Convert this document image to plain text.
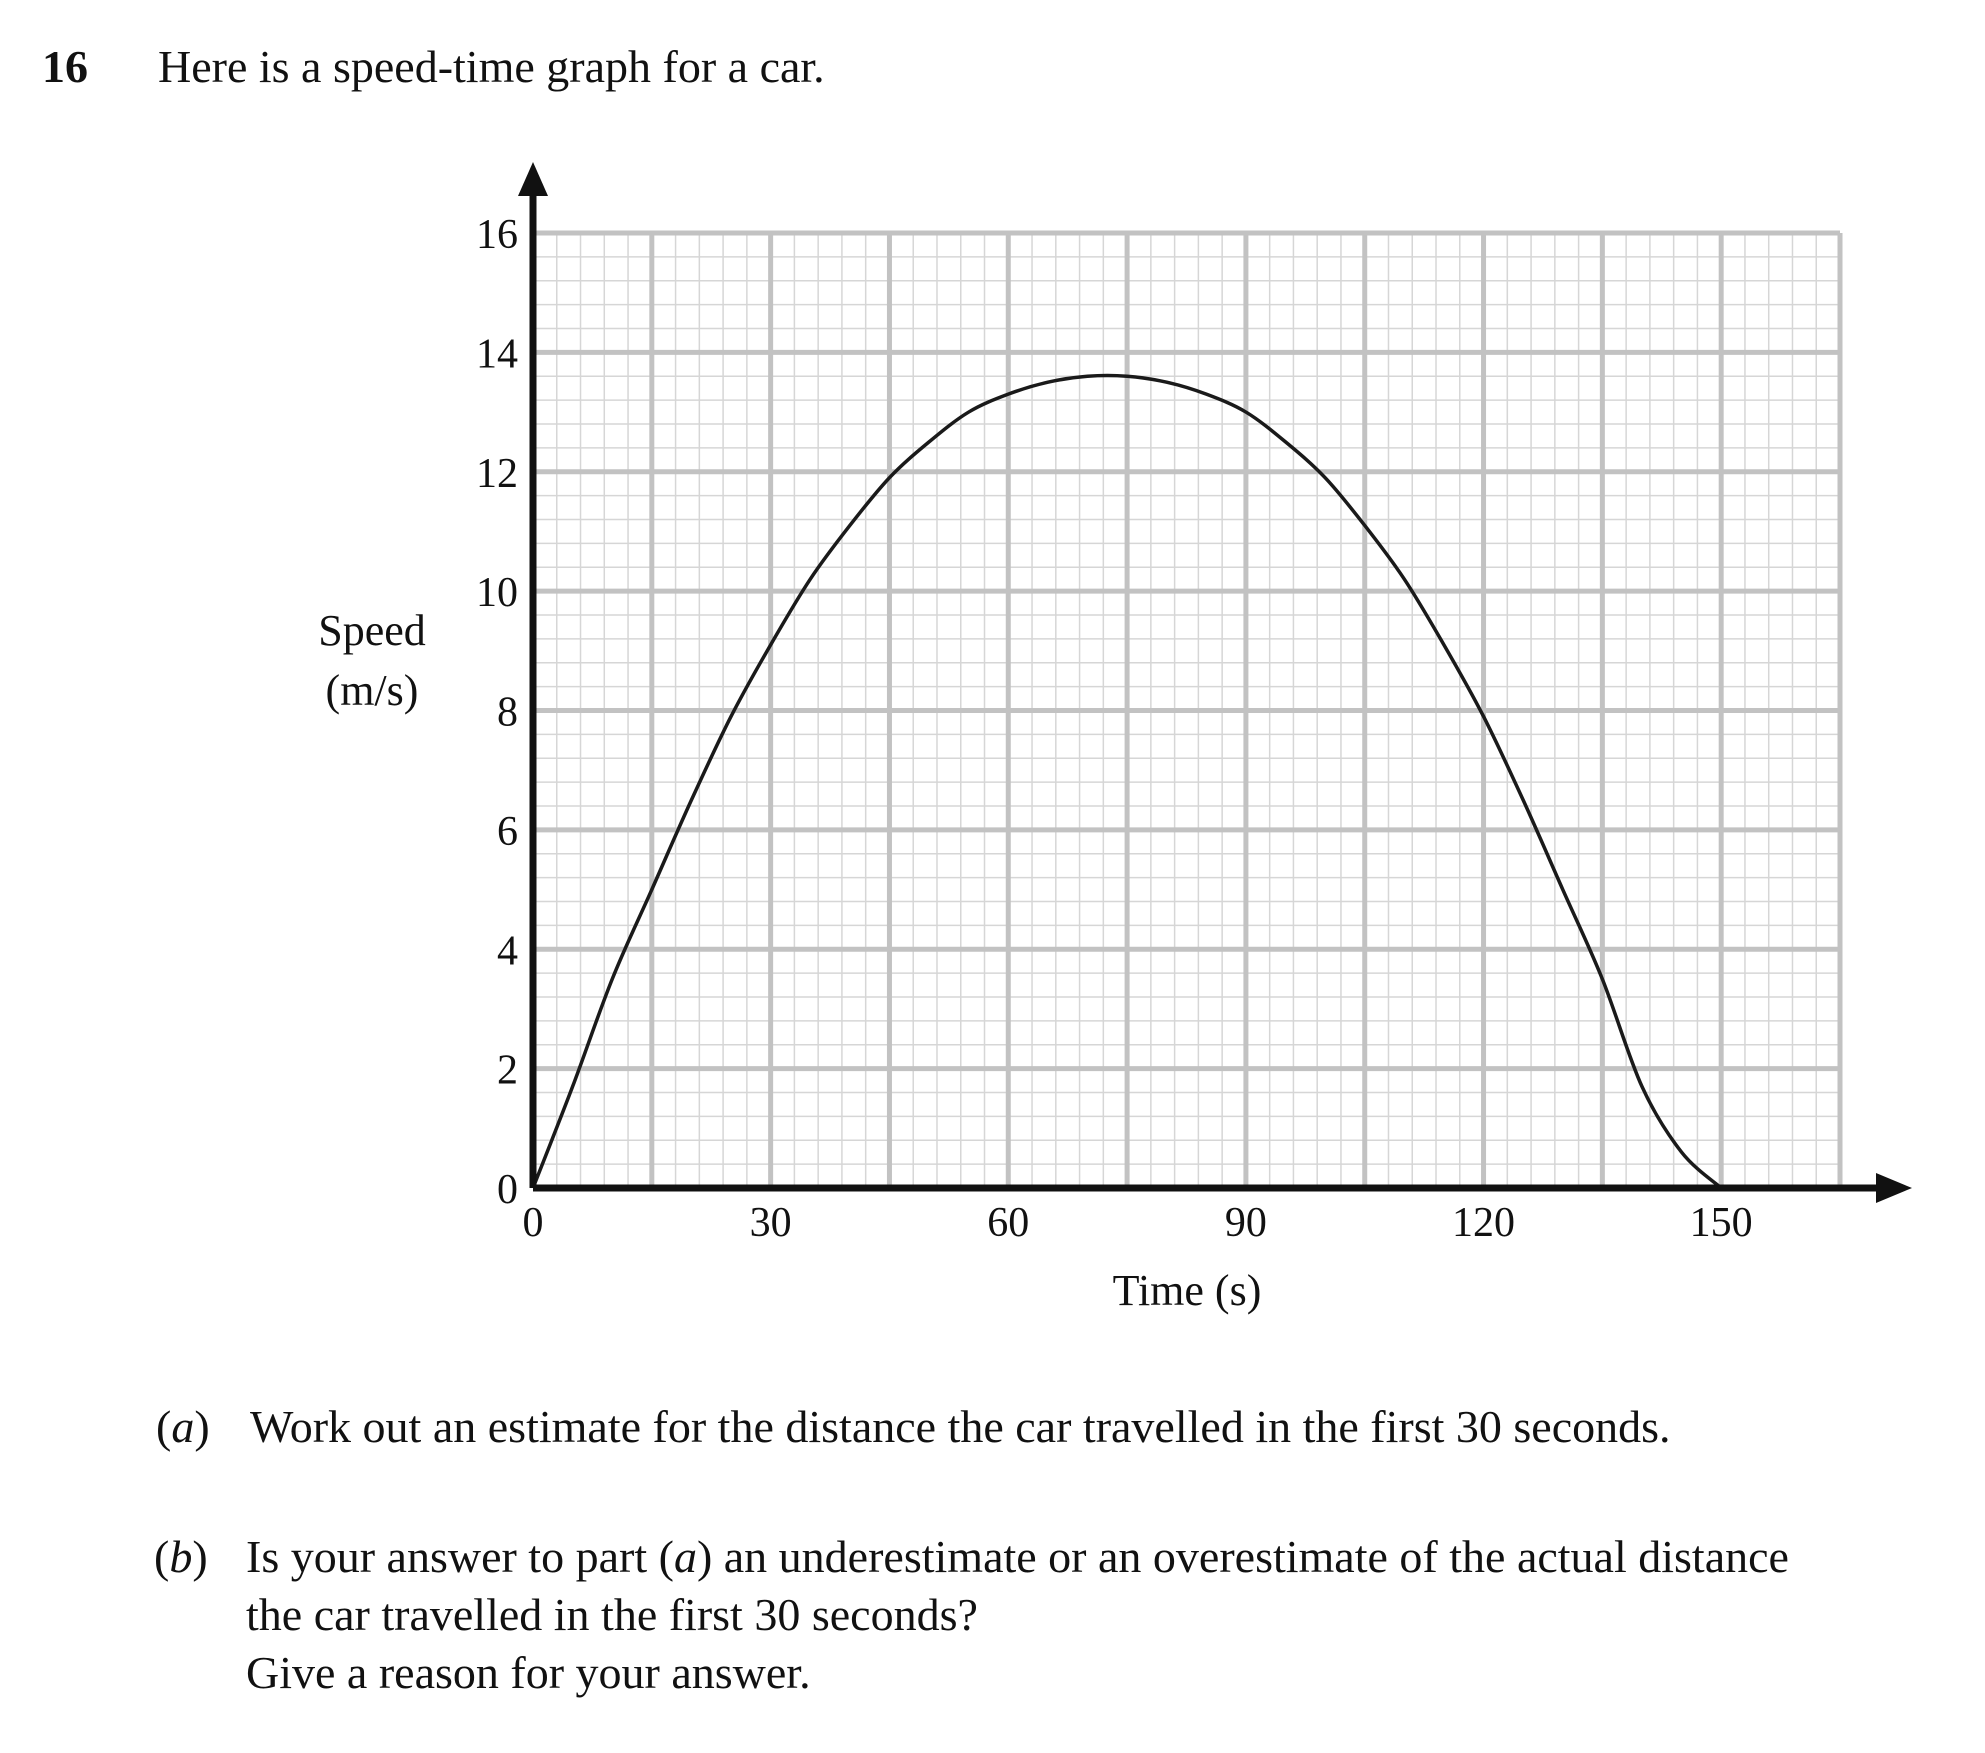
16 Here is a speed-time graph for a car.
0	30	60	90	120	150
0
2
4
6
8
10
12
14
16
Time (s)
Speed
(m/s)
(a) Work out an estimate for the distance the car travelled in the first 30 seconds.
(b) Is your answer to part (a) an underestimate or an overestimate of the actual distance
the car travelled in the first 30 seconds?
Give a reason for your answer.
